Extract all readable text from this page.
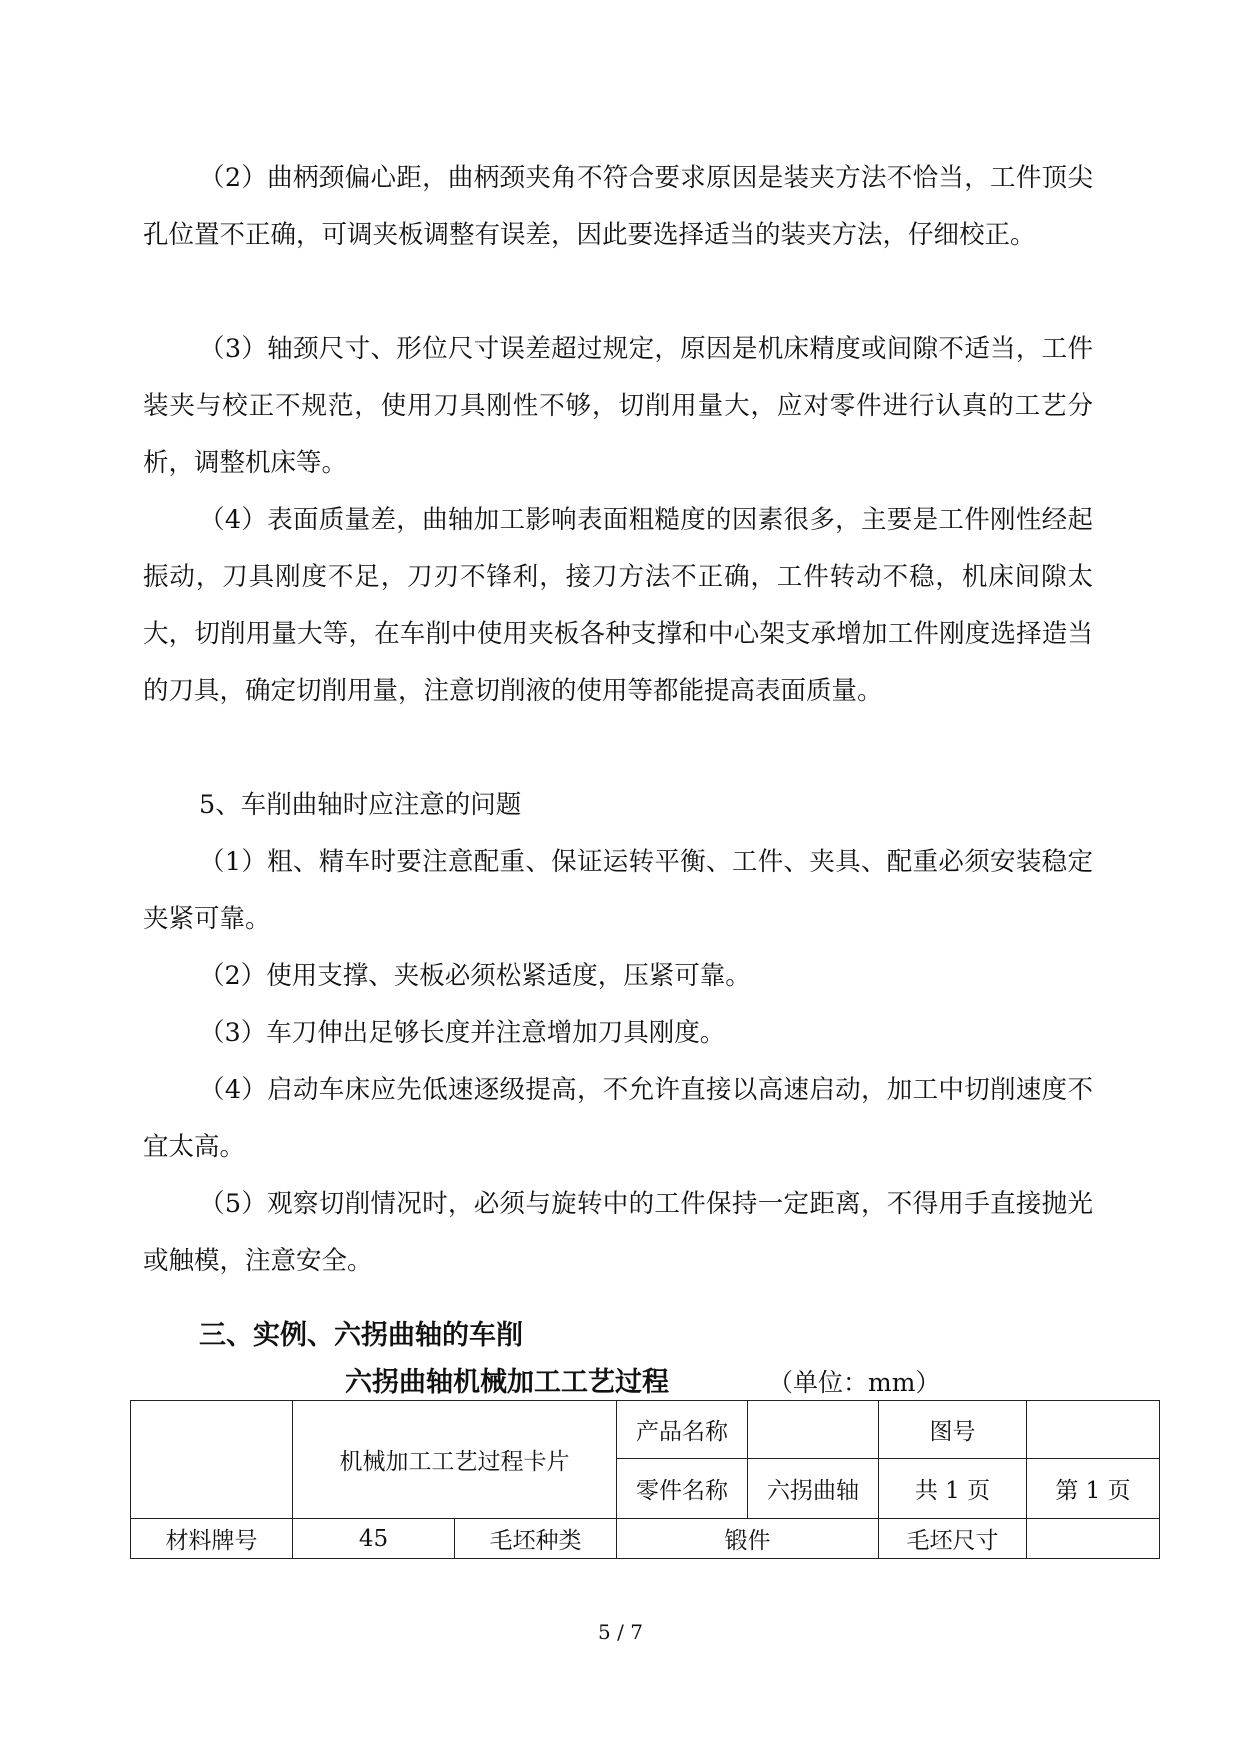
（2）曲柄颈偏心距，曲柄颈夹角不符合要求原因是装夹方法不恰当，工件顶尖孔位置不正确，可调夹板调整有误差，因此要选择适当的装夹方法，仔细校正。

（3）轴颈尺寸、形位尺寸误差超过规定，原因是机床精度或间隙不适当，工件装夹与校正不规范，使用刀具刚性不够，切削用量大，应对零件进行认真的工艺分析，调整机床等。

（4）表面质量差，曲轴加工影响表面粗糙度的因素很多，主要是工件刚性经起振动，刀具刚度不足，刀刃不锋利，接刀方法不正确，工件转动不稳，机床间隙太大，切削用量大等，在车削中使用夹板各种支撑和中心架支承增加工件刚度选择造当的刀具，确定切削用量，注意切削液的使用等都能提高表面质量。

5、车削曲轴时应注意的问题

（1）粗、精车时要注意配重、保证运转平衡、工件、夹具、配重必须安装稳定夹紧可靠。

（2）使用支撑、夹板必须松紧适度，压紧可靠。

（3）车刀伸出足够长度并注意增加刀具刚度。

（4）启动车床应先低速逐级提高，不允许直接以高速启动，加工中切削速度不宜太高。

（5）观察切削情况时，必须与旋转中的工件保持一定距离，不得用手直接抛光或触模，注意安全。

三、实例、六拐曲轴的车削

六拐曲轴机械加工工艺过程	（单位：mm）
	机械加工工艺过程卡片		产品名称		图号	
			零件名称	六拐曲轴	共 1 页	第 1 页
材料牌号	45	毛坯种类	锻件		毛坯尺寸	
5 / 7
